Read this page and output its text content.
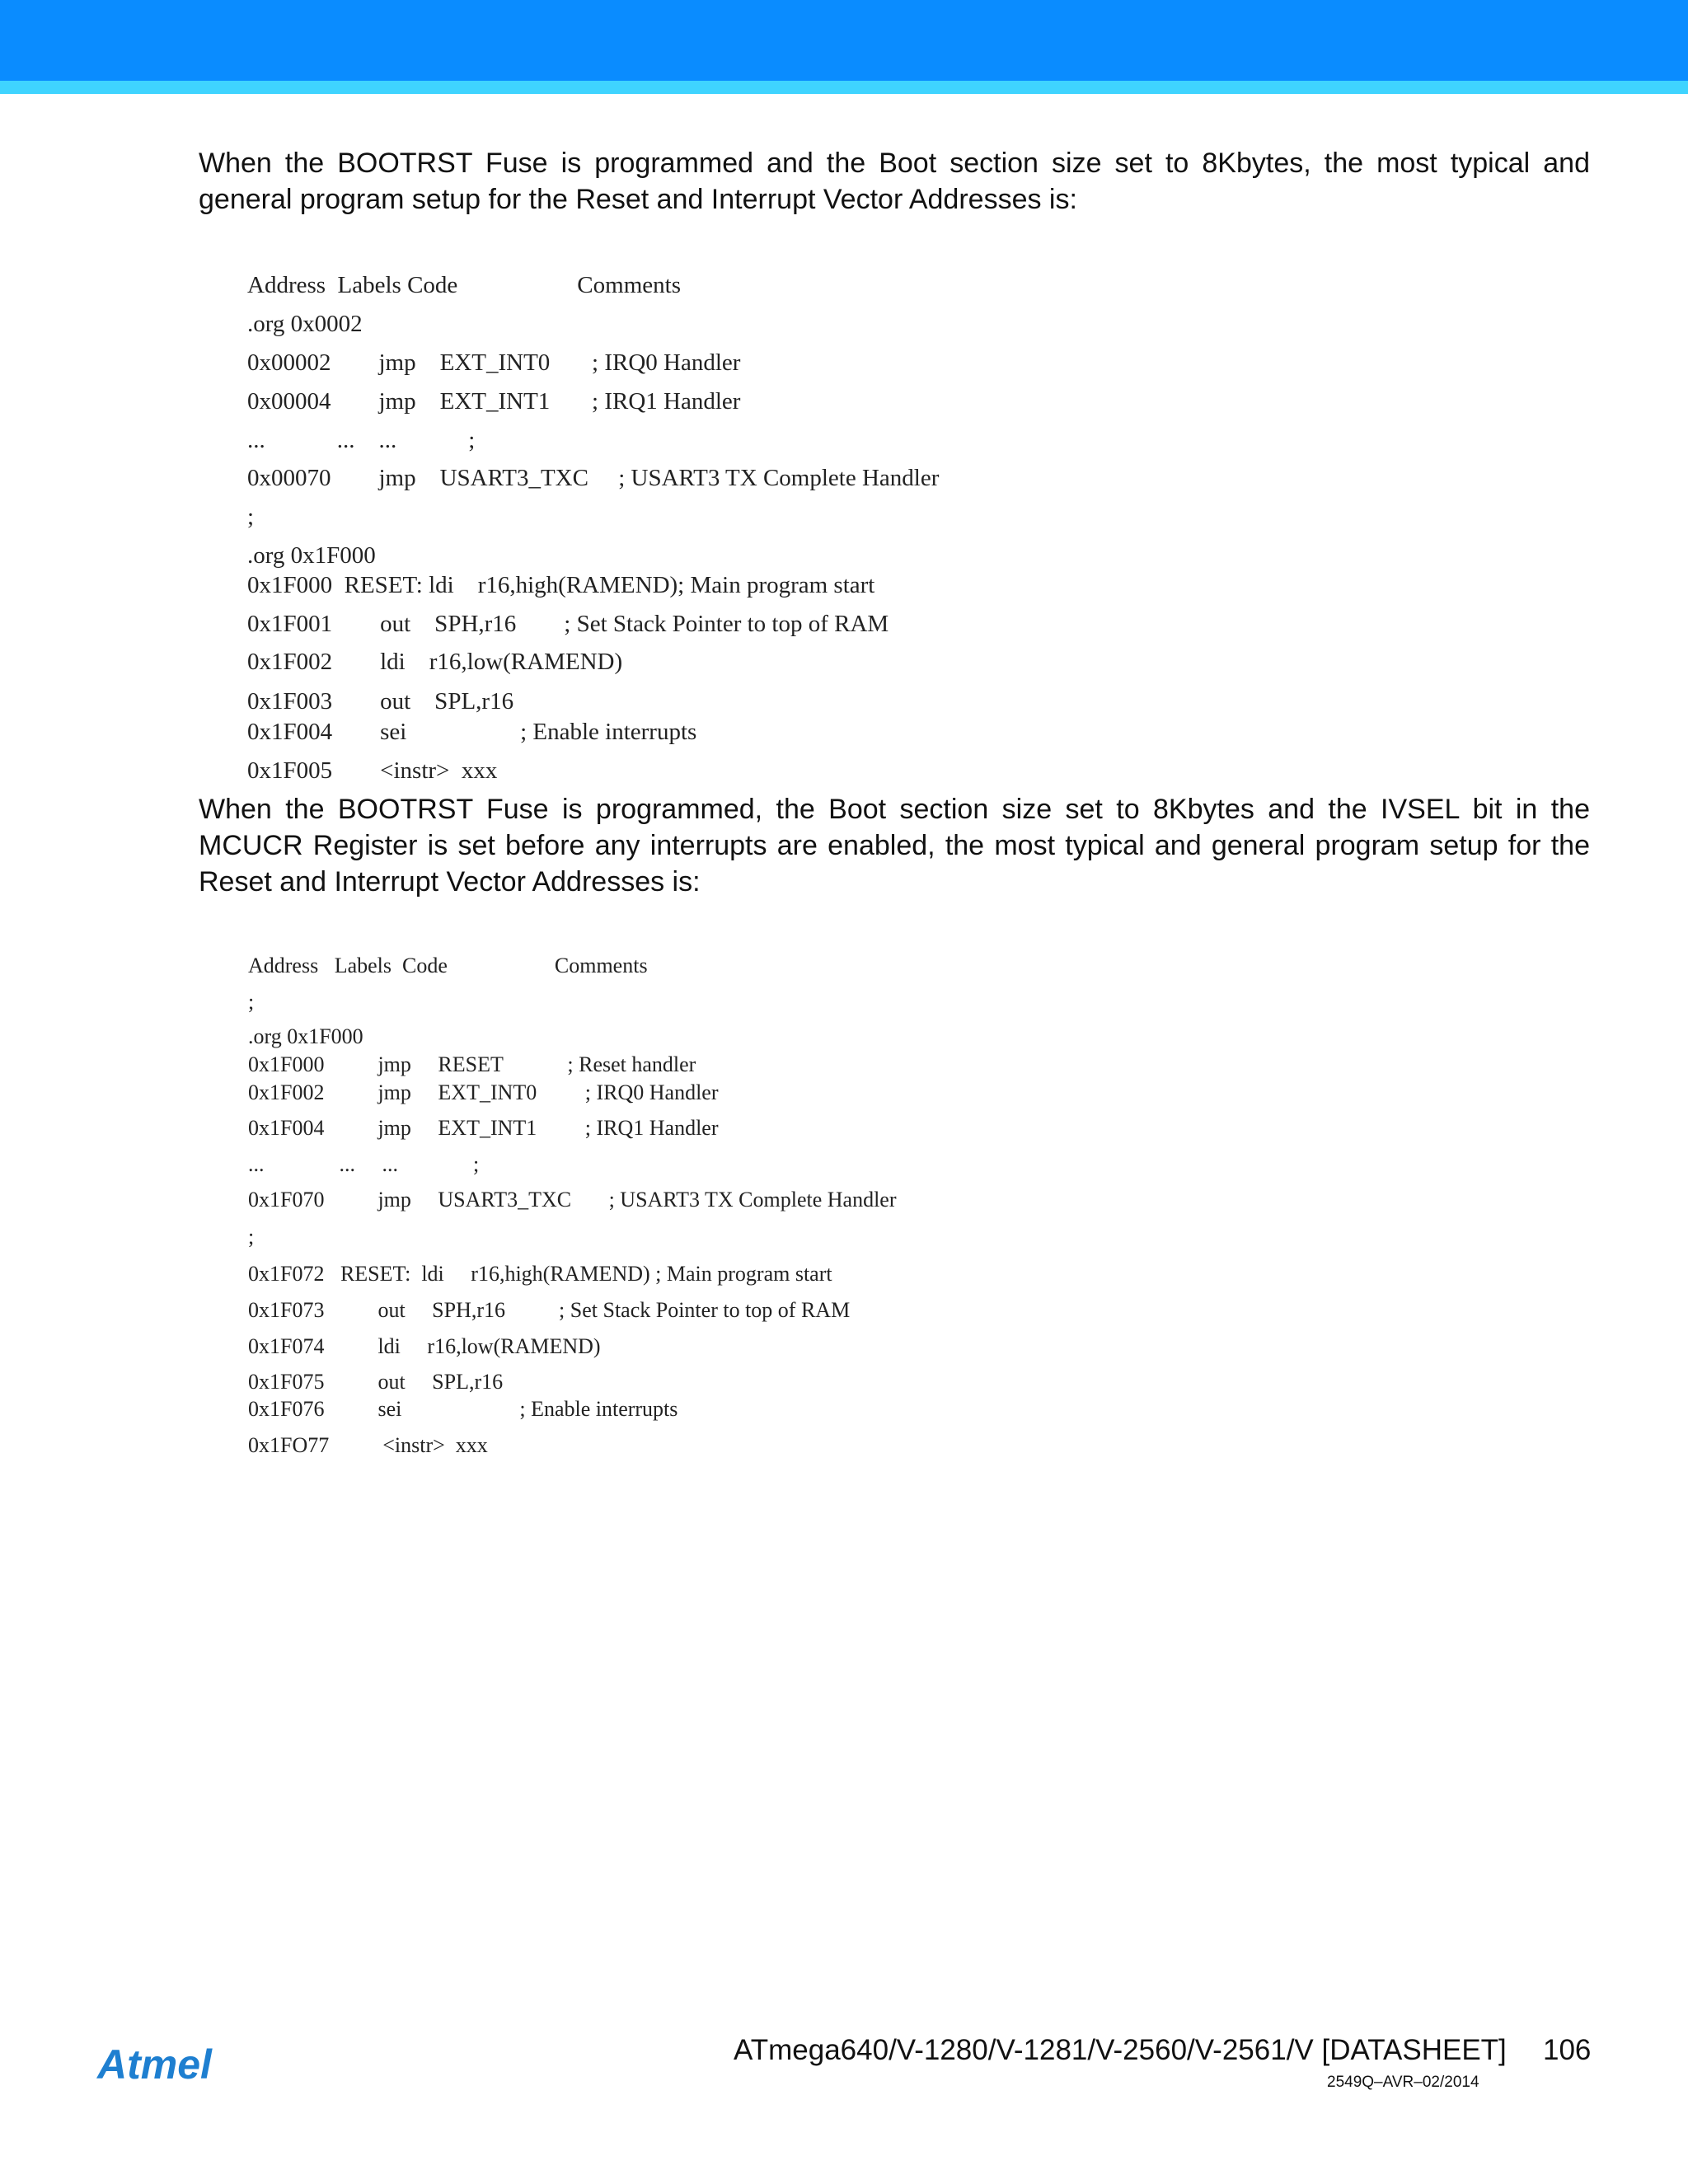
When the BOOTRST Fuse is programmed and the Boot section size set to 8Kbytes, the most typical and general program setup for the Reset and Interrupt Vector Addresses is:

Address  Labels Code                    Comments
.org 0x0002
0x00002        jmp    EXT_INT0       ; IRQ0 Handler
0x00004        jmp    EXT_INT1       ; IRQ1 Handler
...            ...    ...            ;
0x00070        jmp    USART3_TXC     ; USART3 TX Complete Handler
;
.org 0x1F000
0x1F000  RESET: ldi    r16,high(RAMEND); Main program start
0x1F001        out    SPH,r16        ; Set Stack Pointer to top of RAM
0x1F002        ldi    r16,low(RAMEND)
0x1F003        out    SPL,r16
0x1F004        sei                   ; Enable interrupts
0x1F005        <instr>  xxx

When the BOOTRST Fuse is programmed, the Boot section size set to 8Kbytes and the IVSEL bit in the MCUCR Register is set before any interrupts are enabled, the most typical and general program setup for the Reset and Interrupt Vector Addresses is:

Address   Labels  Code                    Comments
;
.org 0x1F000
0x1F000          jmp     RESET            ; Reset handler
0x1F002          jmp     EXT_INT0         ; IRQ0 Handler
0x1F004          jmp     EXT_INT1         ; IRQ1 Handler
...              ...     ...              ;
0x1F070          jmp     USART3_TXC       ; USART3 TX Complete Handler
;
0x1F072   RESET:  ldi     r16,high(RAMEND) ; Main program start
0x1F073          out     SPH,r16          ; Set Stack Pointer to top of RAM
0x1F074          ldi     r16,low(RAMEND)
0x1F075          out     SPL,r16
0x1F076          sei                      ; Enable interrupts
0x1FO77          <instr>  xxx
Atmel	ATmega640/V-1280/V-1281/V-2560/V-2561/V [DATASHEET] 106
2549Q–AVR–02/2014
